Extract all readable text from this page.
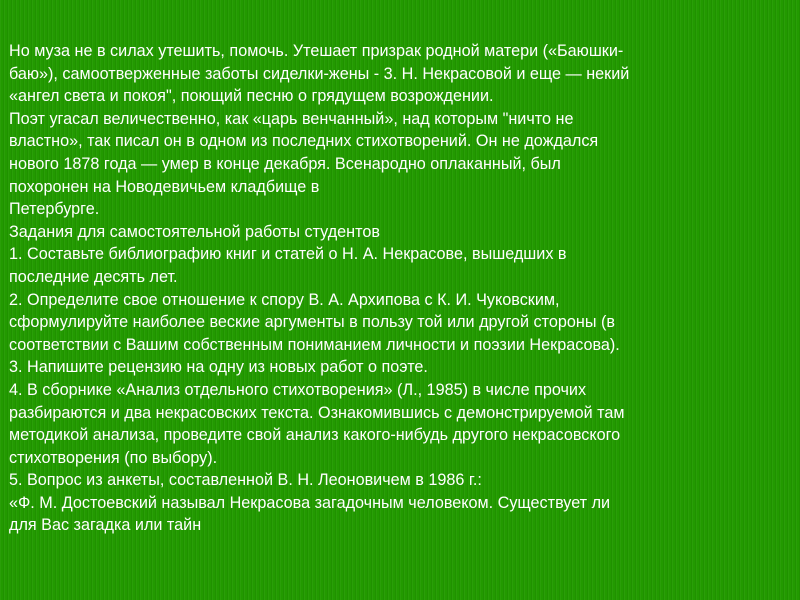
Но муза не в силах утешить, помочь. Утешает призрак родной матери («Баюшки-
баю»), самоотверженные заботы сиделки-жены - 3. Н. Некрасовой и еще — некий
«ангел света и покоя", поющий песню о грядущем возрождении.

Поэт угасал величественно, как «царь венчанный», над которым "ничто не
властно», так писал он в одном из последних стихотворений. Он не дождался
нового 1878 года — умер в конце декабря. Всенародно оплаканный, был
похоронен на Новодевичьем кладбище в
Петербурге.

Задания для самостоятельной работы студентов

1. Составьте библиографию книг и статей о Н. А. Некрасове, вышедших в
последние десять лет.

2. Определите свое отношение к спору В. А. Архипова с К. И. Чуковским,
сформулируйте наиболее веские аргументы в пользу той или другой стороны (в
соответствии с Вашим собственным пониманием личности и поэзии Некрасова).

3. Напишите рецензию на одну из новых работ о поэте.

4. В сборнике «Анализ отдельного стихотворения» (Л., 1985) в числе прочих
разбираются и два некрасовских текста. Ознакомившись с демонстрируемой там
методикой анализа, проведите свой анализ какого-нибудь другого некрасовского
стихотворения (по выбору).

5. Вопрос из анкеты, составленной В. Н. Леоновичем в 1986 г.:

«Ф. М. Достоевский называл Некрасова загадочным человеком. Существует ли
для Вас загадка или тайн
